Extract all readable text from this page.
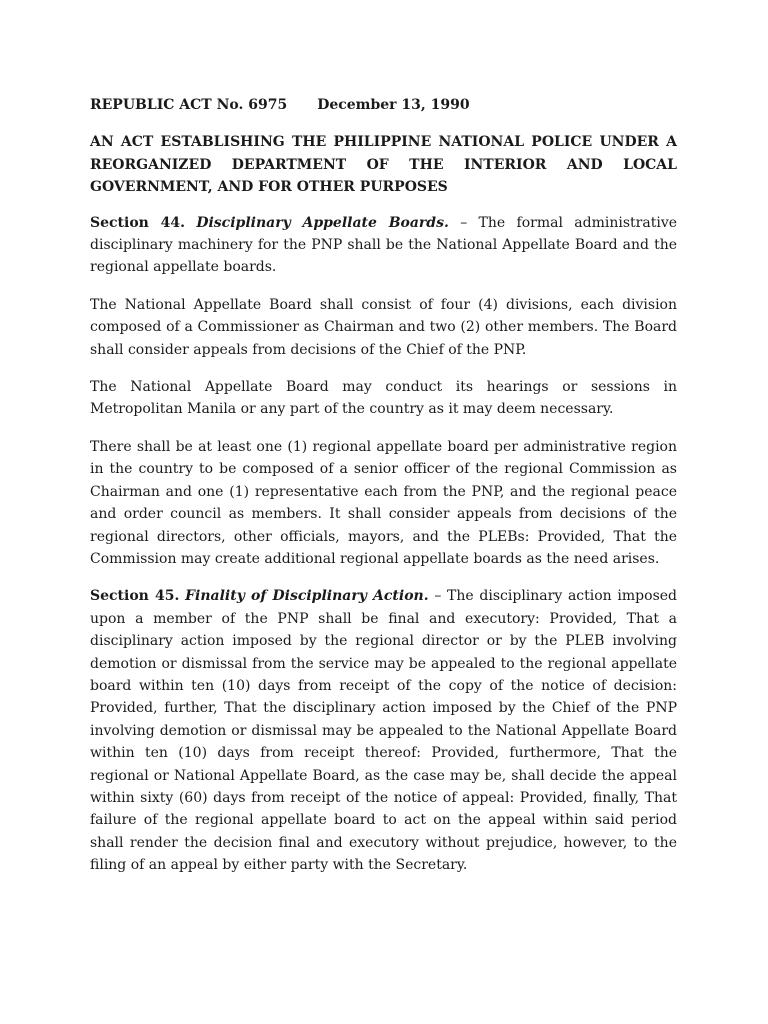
REPUBLIC ACT No. 6975 December 13, 1990
AN ACT ESTABLISHING THE PHILIPPINE NATIONAL POLICE UNDER A REORGANIZED DEPARTMENT OF THE INTERIOR AND LOCAL GOVERNMENT, AND FOR OTHER PURPOSES

Section 44. Disciplinary Appellate Boards. – The formal administrative disciplinary machinery for the PNP shall be the National Appellate Board and the regional appellate boards.

The National Appellate Board shall consist of four (4) divisions, each division composed of a Commissioner as Chairman and two (2) other members. The Board shall consider appeals from decisions of the Chief of the PNP.

The National Appellate Board may conduct its hearings or sessions in Metropolitan Manila or any part of the country as it may deem necessary.

There shall be at least one (1) regional appellate board per administrative region in the country to be composed of a senior officer of the regional Commission as Chairman and one (1) representative each from the PNP, and the regional peace and order council as members. It shall consider appeals from decisions of the regional directors, other officials, mayors, and the PLEBs: Provided, That the Commission may create additional regional appellate boards as the need arises.

Section 45. Finality of Disciplinary Action. – The disciplinary action imposed upon a member of the PNP shall be final and executory: Provided, That a disciplinary action imposed by the regional director or by the PLEB involving demotion or dismissal from the service may be appealed to the regional appellate board within ten (10) days from receipt of the copy of the notice of decision: Provided, further, That the disciplinary action imposed by the Chief of the PNP involving demotion or dismissal may be appealed to the National Appellate Board within ten (10) days from receipt thereof: Provided, furthermore, That the regional or National Appellate Board, as the case may be, shall decide the appeal within sixty (60) days from receipt of the notice of appeal: Provided, finally, That failure of the regional appellate board to act on the appeal within said period shall render the decision final and executory without prejudice, however, to the filing of an appeal by either party with the Secretary.
